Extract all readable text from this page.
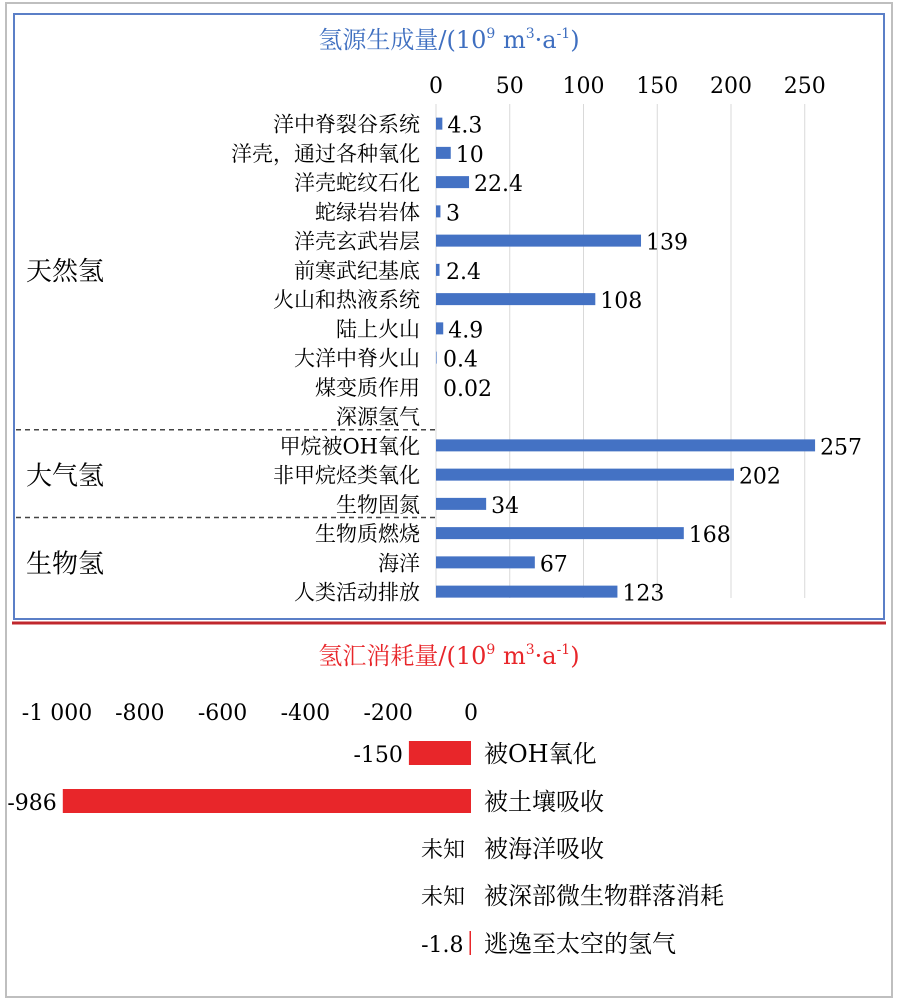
氢源生成量$/(10^9$ $m^3\cdot a^{-1}$)
0 50 100 150 200 250
天然氢
大气氢
生物氢
洋中脊裂谷系统
洋壳，通过各种氧化
洋壳蛇纹石化
蛇绿岩岩体
洋壳玄武岩层
前寒武纪基底
火山和热液系统
陆上火山
大洋中脊火山
煤变质作用
深源氢气
甲烷被OH氧化
非甲烷烃类氧化
生物固氮
生物质燃烧
海洋
人类活动排放
4.3
10
22.4
3
139
2.4
108
4.9
0.4
0.02
257
202
34
168
67
123
氢汇消耗量$/(10^9$ $m^3\cdot a^{-1}$)
-1 000 -800 -600 -400 -200 0
-150
-986
未知
未知
-1.8
被OH氧化
被土壤吸收
被海洋吸收
被深部微生物群落消耗
逃逸至太空的氢气
